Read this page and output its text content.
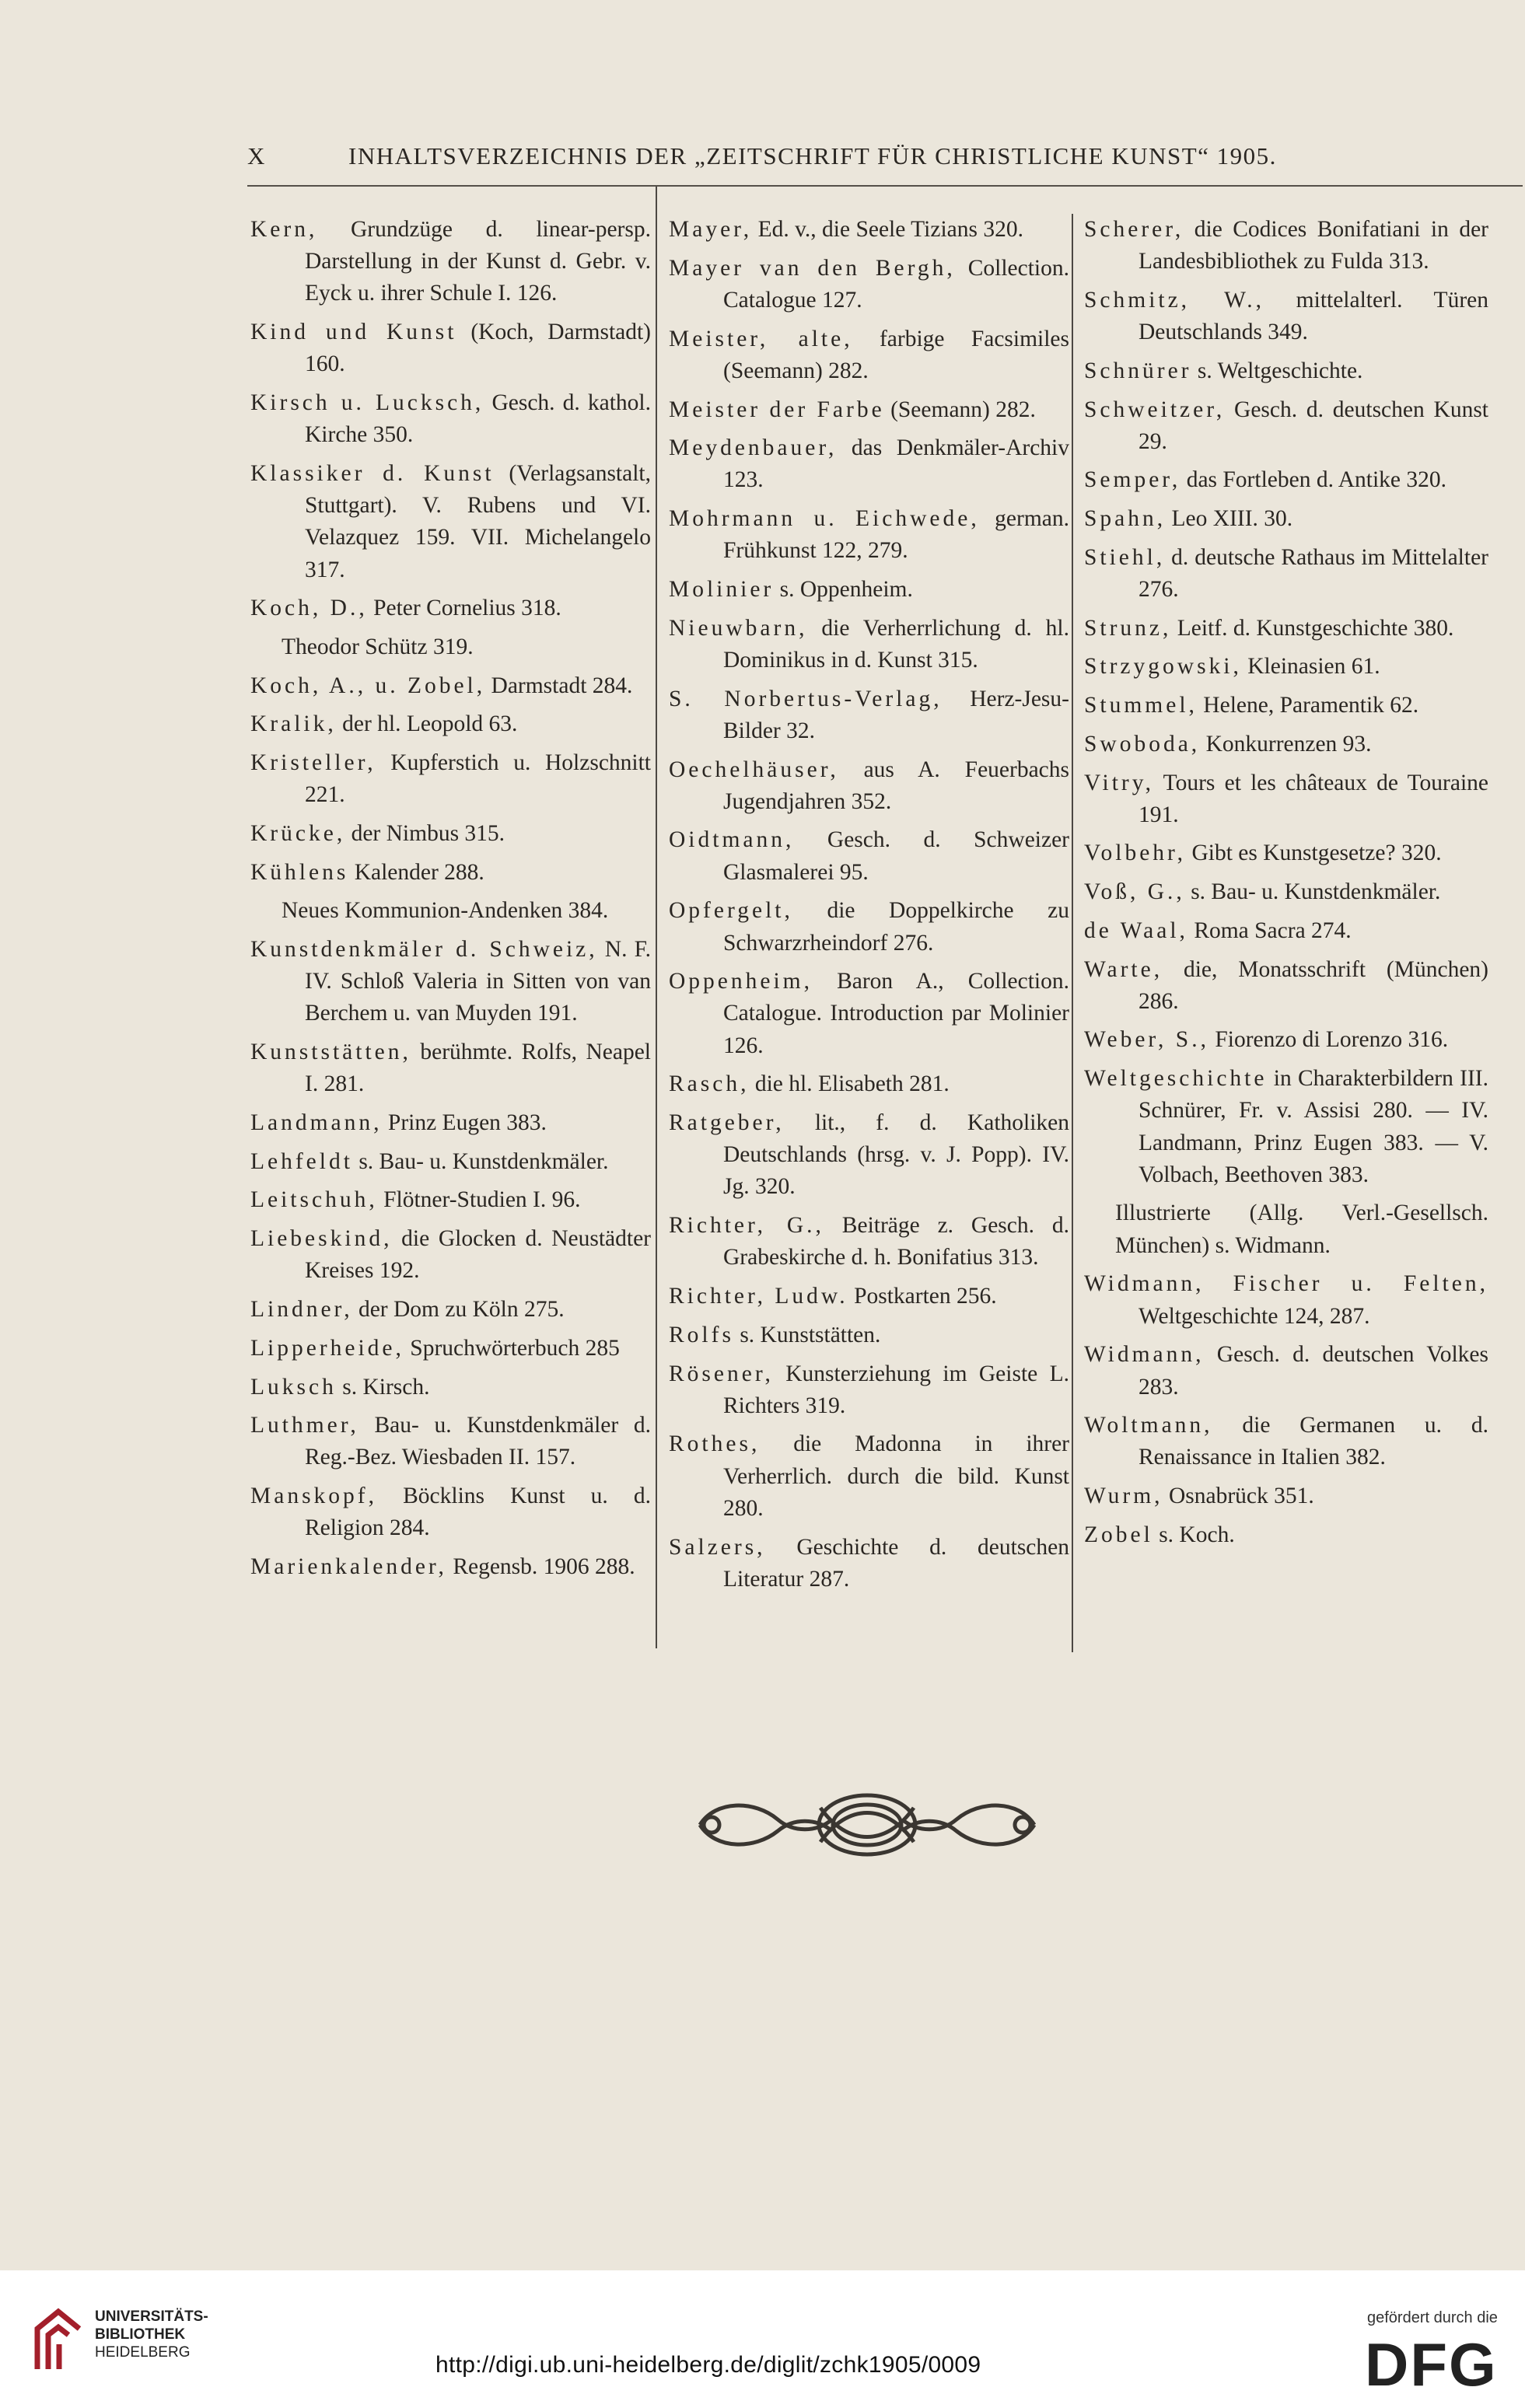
X	INHALTSVERZEICHNIS DER „ZEITSCHRIFT FÜR CHRISTLICHE KUNST“ 1905.
Kern, Grundzüge d. linear-persp. Darstellung in der Kunst d. Gebr. v. Eyck u. ihrer Schule I. 126.
Kind und Kunst (Koch, Darmstadt) 160.
Kirsch u. Lucksch, Gesch. d. kathol. Kirche 350.
Klassiker d. Kunst (Verlagsanstalt, Stuttgart). V. Rubens und VI. Velazquez 159. VII. Michelangelo 317.
Koch, D., Peter Cornelius 318.
Theodor Schütz 319.
Koch, A., u. Zobel, Darmstadt 284.
Kralik, der hl. Leopold 63.
Kristeller, Kupferstich u. Holzschnitt 221.
Krücke, der Nimbus 315.
Kühlens Kalender 288.
Neues Kommunion-Andenken 384.
Kunstdenkmäler d. Schweiz, N. F. IV. Schloß Valeria in Sitten von van Berchem u. van Muyden 191.
Kunststätten, berühmte. Rolfs, Neapel I. 281.
Landmann, Prinz Eugen 383.
Lehfeldt s. Bau- u. Kunstdenkmäler.
Leitschuh, Flötner-Studien I. 96.
Liebeskind, die Glocken d. Neustädter Kreises 192.
Lindner, der Dom zu Köln 275.
Lipperheide, Spruchwörterbuch 285
Luksch s. Kirsch.
Luthmer, Bau- u. Kunstdenkmäler d. Reg.-Bez. Wiesbaden II. 157.
Manskopf, Böcklins Kunst u. d. Religion 284.
Marienkalender, Regensb. 1906 288.
Mayer, Ed. v., die Seele Tizians 320.
Mayer van den Bergh, Collection. Catalogue 127.
Meister, alte, farbige Facsimiles (Seemann) 282.
Meister der Farbe (Seemann) 282.
Meydenbauer, das Denkmäler-Archiv 123.
Mohrmann u. Eichwede, german. Frühkunst 122, 279.
Molinier s. Oppenheim.
Nieuwbarn, die Verherrlichung d. hl. Dominikus in d. Kunst 315.
S. Norbertus-Verlag, Herz-Jesu-Bilder 32.
Oechelhäuser, aus A. Feuerbachs Jugendjahren 352.
Oidtmann, Gesch. d. Schweizer Glasmalerei 95.
Opfergelt, die Doppelkirche zu Schwarzrheindorf 276.
Oppenheim, Baron A., Collection. Catalogue. Introduction par Molinier 126.
Rasch, die hl. Elisabeth 281.
Ratgeber, lit., f. d. Katholiken Deutschlands (hrsg. v. J. Popp). IV. Jg. 320.
Richter, G., Beiträge z. Gesch. d. Grabeskirche d. h. Bonifatius 313.
Richter, Ludw. Postkarten 256.
Rolfs s. Kunststätten.
Rösener, Kunsterziehung im Geiste L. Richters 319.
Rothes, die Madonna in ihrer Verherrlich. durch die bild. Kunst 280.
Salzers, Geschichte d. deutschen Literatur 287.
Scherer, die Codices Bonifatiani in der Landesbibliothek zu Fulda 313.
Schmitz, W., mittelalterl. Türen Deutschlands 349.
Schnürer s. Weltgeschichte.
Schweitzer, Gesch. d. deutschen Kunst 29.
Semper, das Fortleben d. Antike 320.
Spahn, Leo XIII. 30.
Stiehl, d. deutsche Rathaus im Mittelalter 276.
Strunz, Leitf. d. Kunstgeschichte 380.
Strzygowski, Kleinasien 61.
Stummel, Helene, Paramentik 62.
Swoboda, Konkurrenzen 93.
Vitry, Tours et les châteaux de Touraine 191.
Volbehr, Gibt es Kunstgesetze? 320.
Voß, G., s. Bau- u. Kunstdenkmäler.
de Waal, Roma Sacra 274.
Warte, die, Monatsschrift (München) 286.
Weber, S., Fiorenzo di Lorenzo 316.
Weltgeschichte in Charakterbildern III. Schnürer, Fr. v. Assisi 280. — IV. Landmann, Prinz Eugen 383. — V. Volbach, Beethoven 383.
Illustrierte (Allg. Verl.-Gesellsch. München) s. Widmann.
Widmann, Fischer u. Felten, Weltgeschichte 124, 287.
Widmann, Gesch. d. deutschen Volkes 283.
Woltmann, die Germanen u. d. Renaissance in Italien 382.
Wurm, Osnabrück 351.
Zobel s. Koch.
UNIVERSITÄTS-
BIBLIOTHEK
HEIDELBERG	http://digi.ub.uni-heidelberg.de/diglit/zchk1905/0009
gefördert durch die
DFG
